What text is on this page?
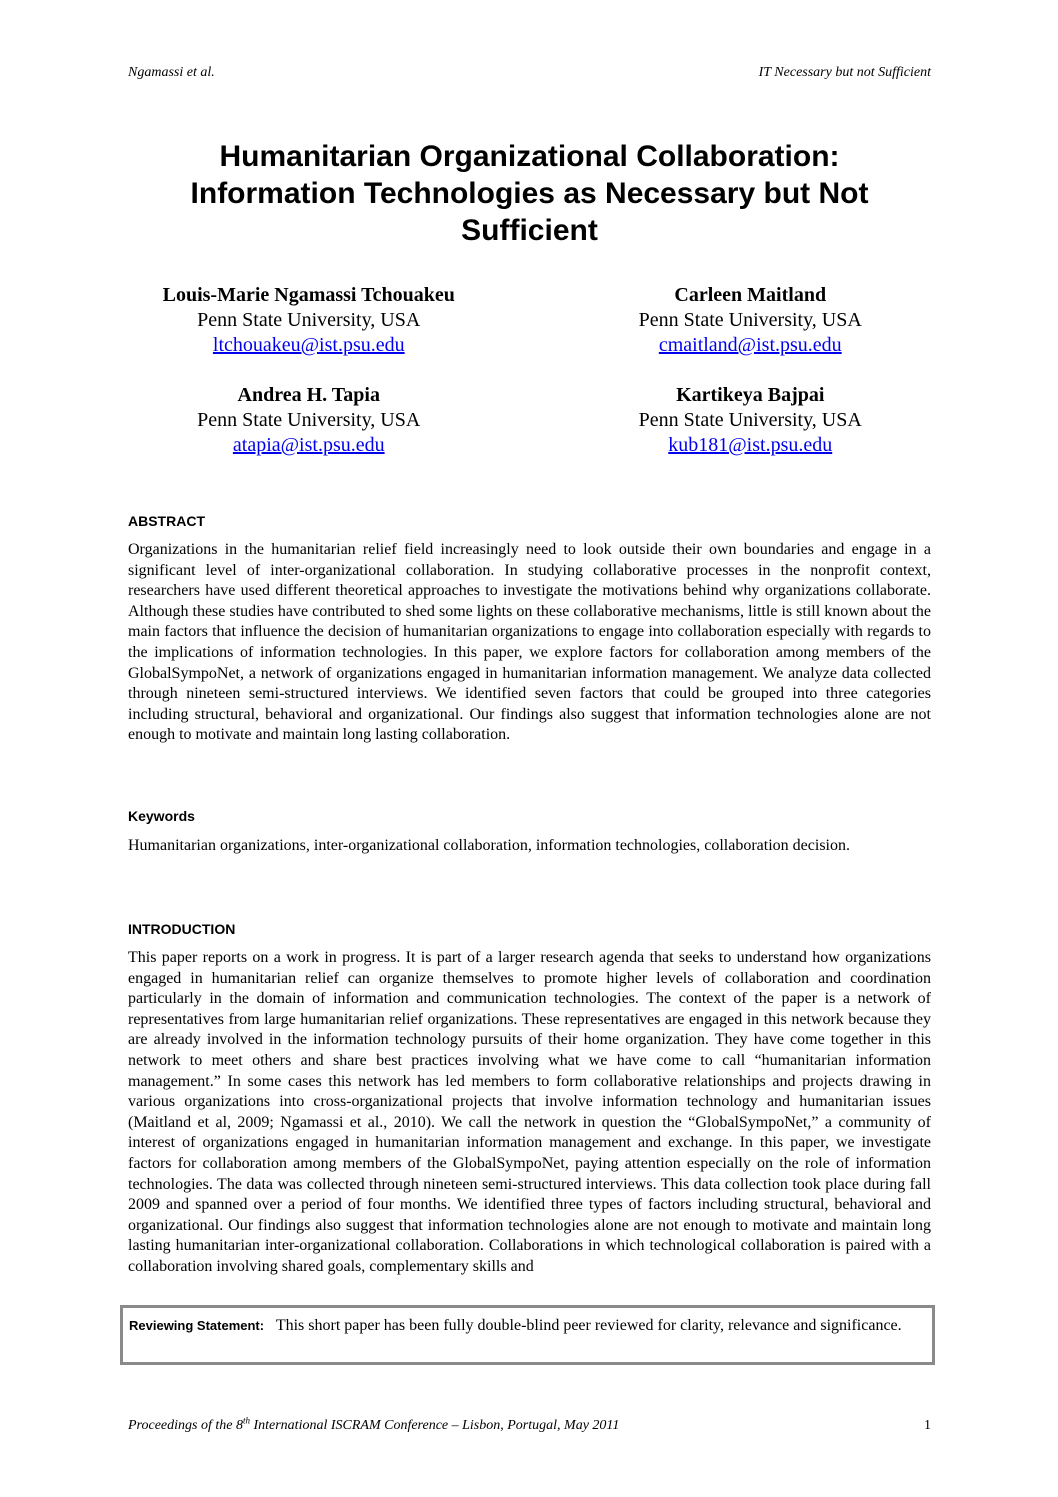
Ngamassi et al.	IT Necessary but not Sufficient
Humanitarian Organizational Collaboration:
Information Technologies as Necessary but Not
Sufficient
Louis-Marie Ngamassi Tchouakeu
Penn State University, USA
ltchouakeu@ist.psu.edu
Carleen Maitland
Penn State University, USA
cmaitland@ist.psu.edu
Andrea H. Tapia
Penn State University, USA
atapia@ist.psu.edu
Kartikeya Bajpai
Penn State University, USA
kub181@ist.psu.edu
ABSTRACT

Organizations in the humanitarian relief field increasingly need to look outside their own boundaries and engage in a significant level of inter-organizational collaboration. In studying collaborative processes in the nonprofit context, researchers have used different theoretical approaches to investigate the motivations behind why organizations collaborate. Although these studies have contributed to shed some lights on these collaborative mechanisms, little is still known about the main factors that influence the decision of humanitarian organizations to engage into collaboration especially with regards to the implications of information technologies. In this paper, we explore factors for collaboration among members of the GlobalSympoNet, a network of organizations engaged in humanitarian information management. We analyze data collected through nineteen semi-structured interviews. We identified seven factors that could be grouped into three categories including structural, behavioral and organizational. Our findings also suggest that information technologies alone are not enough to motivate and maintain long lasting collaboration.

Keywords

Humanitarian organizations, inter-organizational collaboration, information technologies, collaboration decision.

INTRODUCTION

This paper reports on a work in progress. It is part of a larger research agenda that seeks to understand how organizations engaged in humanitarian relief can organize themselves to promote higher levels of collaboration and coordination particularly in the domain of information and communication technologies. The context of the paper is a network of representatives from large humanitarian relief organizations. These representatives are engaged in this network because they are already involved in the information technology pursuits of their home organization. They have come together in this network to meet others and share best practices involving what we have come to call “humanitarian information management.” In some cases this network has led members to form collaborative relationships and projects drawing in various organizations into cross-organizational projects that involve information technology and humanitarian issues (Maitland et al, 2009; Ngamassi et al., 2010). We call the network in question the “GlobalSympoNet,” a community of interest of organizations engaged in humanitarian information management and exchange. In this paper, we investigate factors for collaboration among members of the GlobalSympoNet, paying attention especially on the role of information technologies. The data was collected through nineteen semi-structured interviews. This data collection took place during fall 2009 and spanned over a period of four months. We identified three types of factors including structural, behavioral and organizational. Our findings also suggest that information technologies alone are not enough to motivate and maintain long lasting humanitarian inter-organizational collaboration. Collaborations in which technological collaboration is paired with a collaboration involving shared goals, complementary skills and

Reviewing Statement: This short paper has been fully double-blind peer reviewed for clarity, relevance and significance.
Proceedings of the 8th International ISCRAM Conference – Lisbon, Portugal, May 2011	1
